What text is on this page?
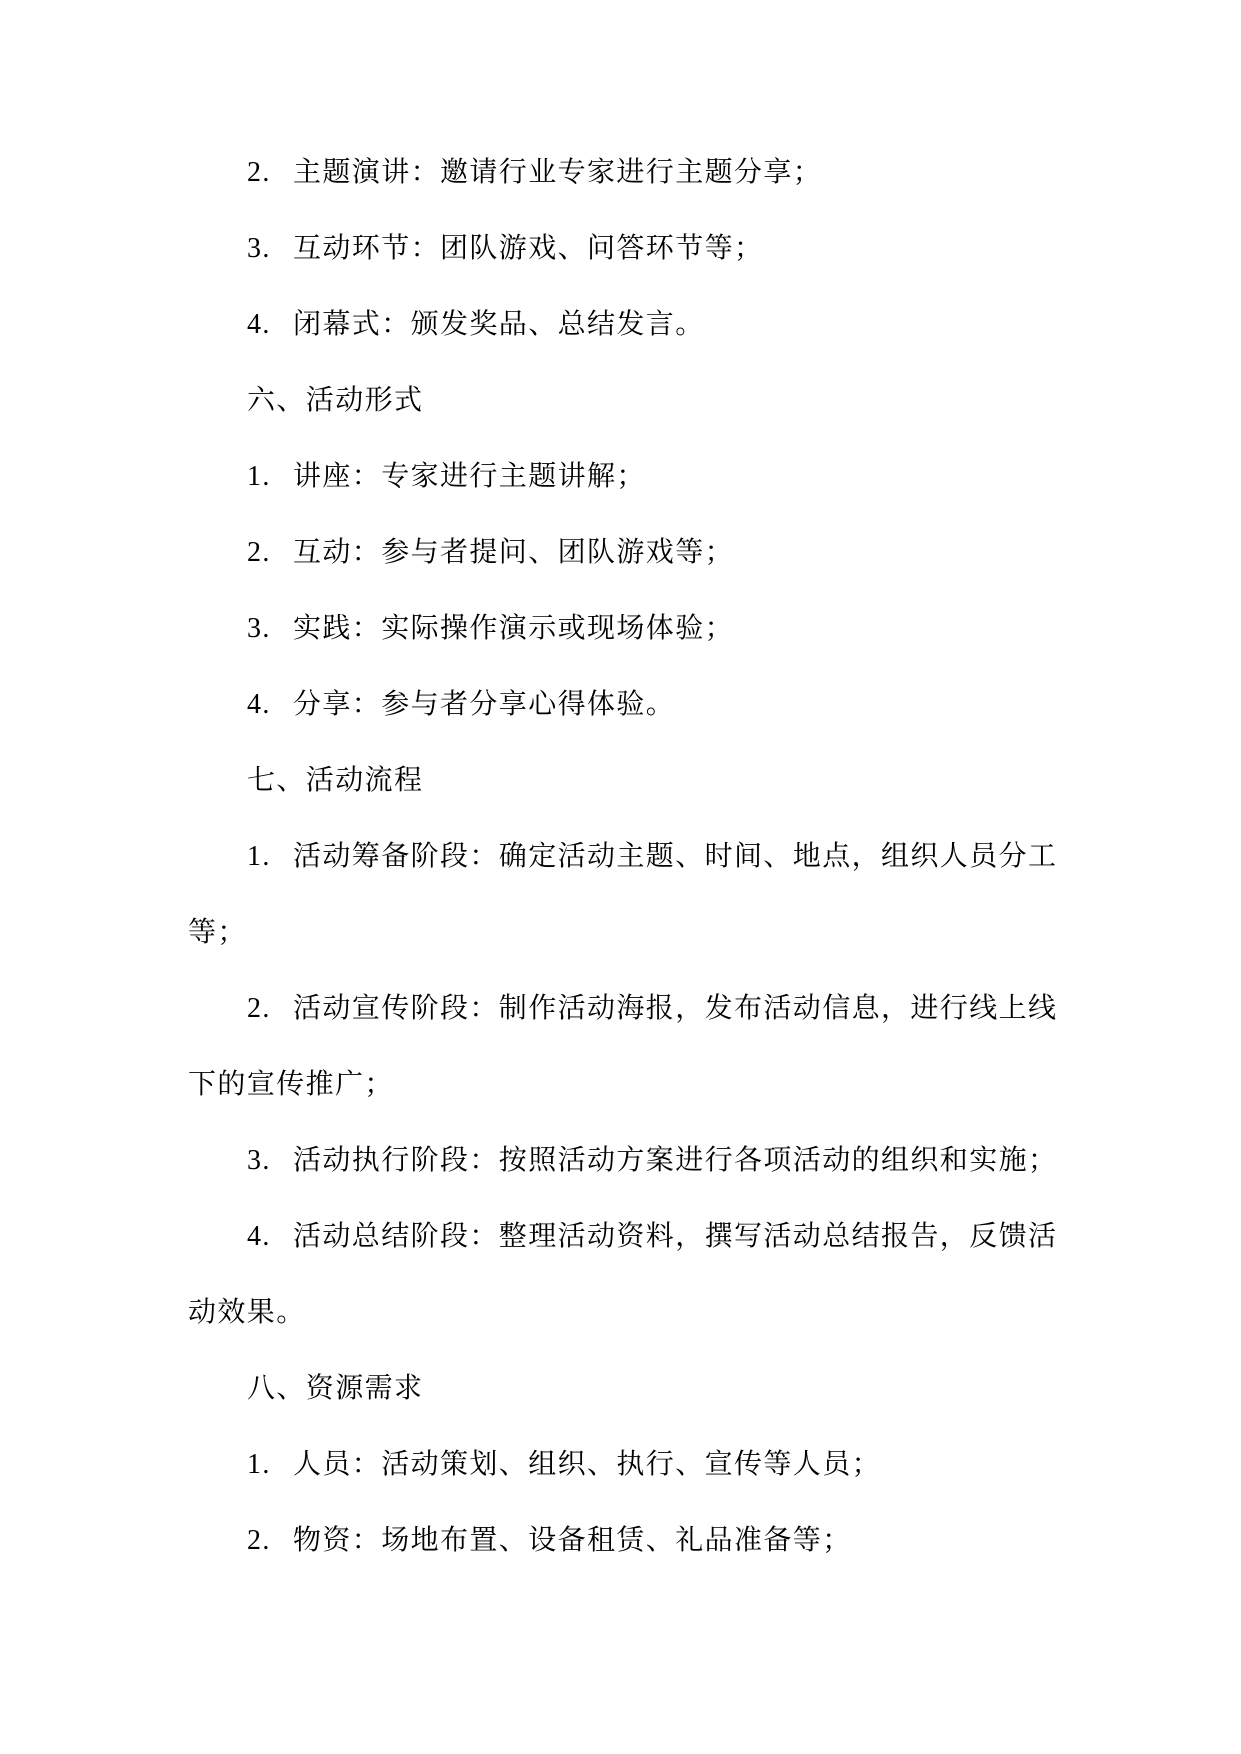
2. 主题演讲：邀请行业专家进行主题分享；
3. 互动环节：团队游戏、问答环节等；
4. 闭幕式：颁发奖品、总结发言。
六、活动形式
1. 讲座：专家进行主题讲解；
2. 互动：参与者提问、团队游戏等；
3. 实践：实际操作演示或现场体验；
4. 分享：参与者分享心得体验。
七、活动流程
1. 活动筹备阶段：确定活动主题、时间、地点，组织人员分工
等；
2. 活动宣传阶段：制作活动海报，发布活动信息，进行线上线
下的宣传推广；
3. 活动执行阶段：按照活动方案进行各项活动的组织和实施；
4. 活动总结阶段：整理活动资料，撰写活动总结报告，反馈活
动效果。
八、资源需求
1. 人员：活动策划、组织、执行、宣传等人员；
2. 物资：场地布置、设备租赁、礼品准备等；
